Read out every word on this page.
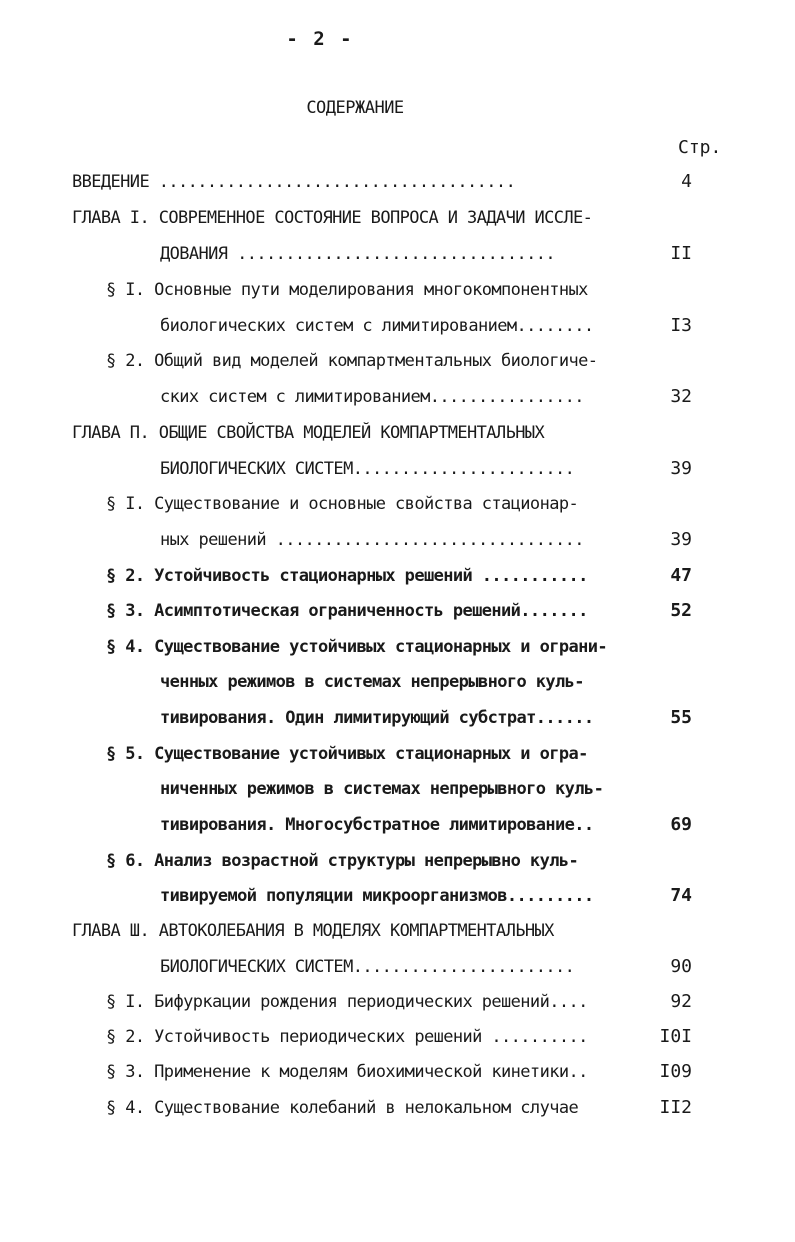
- 2 -
СОДЕРЖАНИЕ
Стр.
ВВЕДЕНИЕ .....................................	4
ГЛАВА I. СОВРЕМЕННОЕ СОСТОЯНИЕ ВОПРОСА И ЗАДАЧИ ИССЛЕ-
ДОВАНИЯ .................................	II
§ I. Основные пути моделирования многокомпонентных
биологических систем с лимитированием........	I3
§ 2. Общий вид моделей компартментальных биологиче-
ских систем с лимитированием................	32
ГЛАВА П. ОБЩИЕ СВОЙСТВА МОДЕЛЕЙ КОМПАРТМЕНТАЛЬНЫХ
БИОЛОГИЧЕСКИХ СИСТЕМ.......................	39
§ I. Существование и основные свойства стационар-
ных решений ................................	39
§ 2. Устойчивость стационарных решений ...........	47
§ 3. Асимптотическая ограниченность решений.......	52
§ 4. Существование устойчивых стационарных и ограни-
ченных режимов в системах непрерывного куль-
тивирования. Один лимитирующий субстрат......	55
§ 5. Существование устойчивых стационарных и огра-
ниченных режимов в системах непрерывного куль-
тивирования. Многосубстратное лимитирование..	69
§ 6. Анализ возрастной структуры непрерывно куль-
тивируемой популяции микроорганизмов.........	74
ГЛАВА Ш. АВТОКОЛЕБАНИЯ В МОДЕЛЯХ КОМПАРТМЕНТАЛЬНЫХ
БИОЛОГИЧЕСКИХ СИСТЕМ.......................	90
§ I. Бифуркации рождения периодических решений....	92
§ 2. Устойчивость периодических решений ..........	I0I
§ 3. Применение к моделям биохимической кинетики..	I09
§ 4. Существование колебаний в нелокальном случае	II2
